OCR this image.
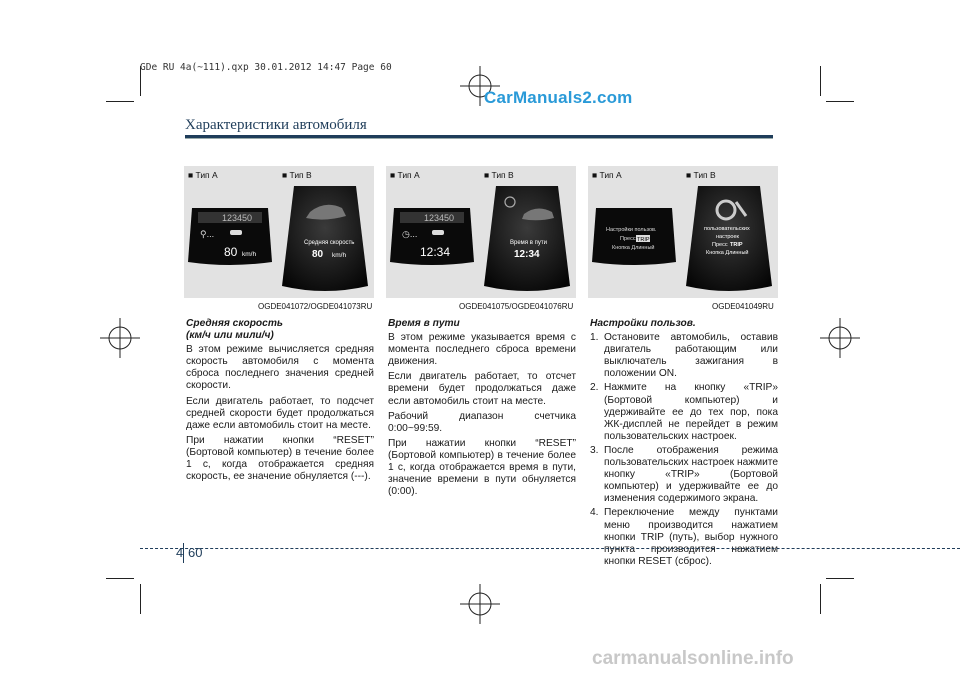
GDe RU 4a(~111).qxp 30.01.2012 14:47 Page 60
CarManuals2.com
Характеристики автомобиля
■ Тип А	■ Тип В
123450
⚲...
80 km/h
Средняя скорость
80 km/h
OGDE041072/OGDE041073RU
■ Тип А	■ Тип В
123450
◷...
12:34
Время в пути
12:34
OGDE041075/OGDE041076RU
■ Тип А	■ Тип В
Настройки пользов.
Пресс TRIP
Кнопка Длинный
пользовательских
настроек
Пресс TRIP
Кнопка Длинный
OGDE041049RU
Средняя скорость
(км/ч или мили/ч)

В этом режиме вычисляется средняя скорость автомобиля с момента сброса последнего значения средней скорости.

Если двигатель работает, то подсчет средней скорости будет продолжаться даже если автомобиль стоит на месте.

При нажатии кнопки “RESET” (Бортовой компьютер) в течение более 1 с, когда отображается средняя скорость, ее значение обнуляется (---).

Время в пути

В этом режиме указывается время с момента последнего сброса времени движения.

Если двигатель работает, то отсчет времени будет продолжаться даже если автомобиль стоит на месте.

Рабочий диапазон счетчика 0:00~99:59.

При нажатии кнопки “RESET” (Бортовой компьютер) в течение более 1 с, когда отображается время в пути, значение времени в пути обнуляется (0:00).

Настройки пользов.
1. Остановите автомобиль, оставив двигатель работающим или выключатель зажигания в положении ON.
2. Нажмите на кнопку «TRIP» (Бортовой компьютер) и удерживайте ее до тех пор, пока ЖК-дисплей не перейдет в режим пользовательских настроек.
3. После отображения режима пользовательских настроек нажмите кнопку «TRIP» (Бортовой компьютер) и удерживайте ее до изменения содержимого экрана.
4. Переключение между пунктами меню производится нажатием кнопки TRIP (путь), выбор нужного пункта производится нажатием кнопки RESET (сброс).
4 60
carmanualsonline.info
